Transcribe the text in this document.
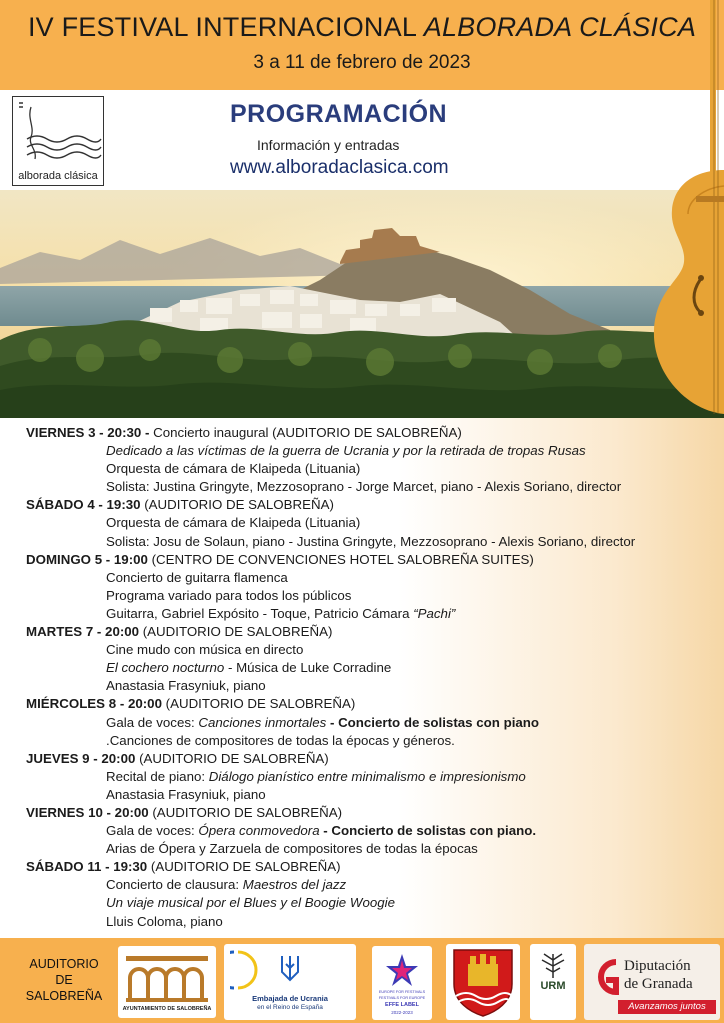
IV FESTIVAL INTERNACIONAL ALBORADA CLÁSICA
3 a 11 de febrero de 2023
alborada clásica
PROGRAMACIÓN
Información y entradas
www.alboradaclasica.com
VIERNES 3 - 20:30 - Concierto inaugural (AUDITORIO DE SALOBREÑA)
Dedicado a las víctimas de la guerra de Ucrania y por la retirada de tropas Rusas
Orquesta de cámara de Klaipeda (Lituania)
Solista: Justina Gringyte, Mezzosoprano - Jorge Marcet, piano - Alexis Soriano, director
SÁBADO 4 - 19:30 (AUDITORIO DE SALOBREÑA)
Orquesta de cámara de Klaipeda (Lituania)
Solista: Josu de Solaun, piano - Justina Gringyte, Mezzosoprano - Alexis Soriano, director
DOMINGO 5 - 19:00 (CENTRO DE CONVENCIONES HOTEL SALOBREÑA SUITES)
Concierto de guitarra flamenca
Programa variado para todos los públicos
Guitarra, Gabriel Expósito - Toque, Patricio Cámara “Pachi”
MARTES 7 - 20:00 (AUDITORIO DE SALOBREÑA)
Cine mudo con música en directo
El cochero nocturno - Música de Luke Corradine
Anastasia Frasyniuk, piano
MIÉRCOLES 8 - 20:00 (AUDITORIO DE SALOBREÑA)
Gala de voces: Canciones inmortales - Concierto de solistas con piano
.Canciones de compositores de todas la épocas y géneros.
JUEVES 9 - 20:00 (AUDITORIO DE SALOBREÑA)
Recital de piano: Diálogo pianístico entre minimalismo e impresionismo
Anastasia Frasyniuk, piano
VIERNES 10 - 20:00 (AUDITORIO DE SALOBREÑA)
Gala de voces: Ópera conmovedora - Concierto de solistas con piano.
Arias de Ópera y Zarzuela de compositores de todas la épocas
SÁBADO 11 - 19:30 (AUDITORIO DE SALOBREÑA)
Concierto de clausura: Maestros del jazz
Un viaje musical por el Blues y el Boogie Woogie
Lluis Coloma, piano
AUDITORIO DE SALOBREÑA
AYUNTAMIENTO DE SALOBREÑA
Embajada de Ucrania
en el Reino de España
EUROPE FOR FESTIVALS
FESTIVALS FOR EUROPE
EFFE LABEL
2022-2023
URM
Diputación
de Granada
Avanzamos juntos
